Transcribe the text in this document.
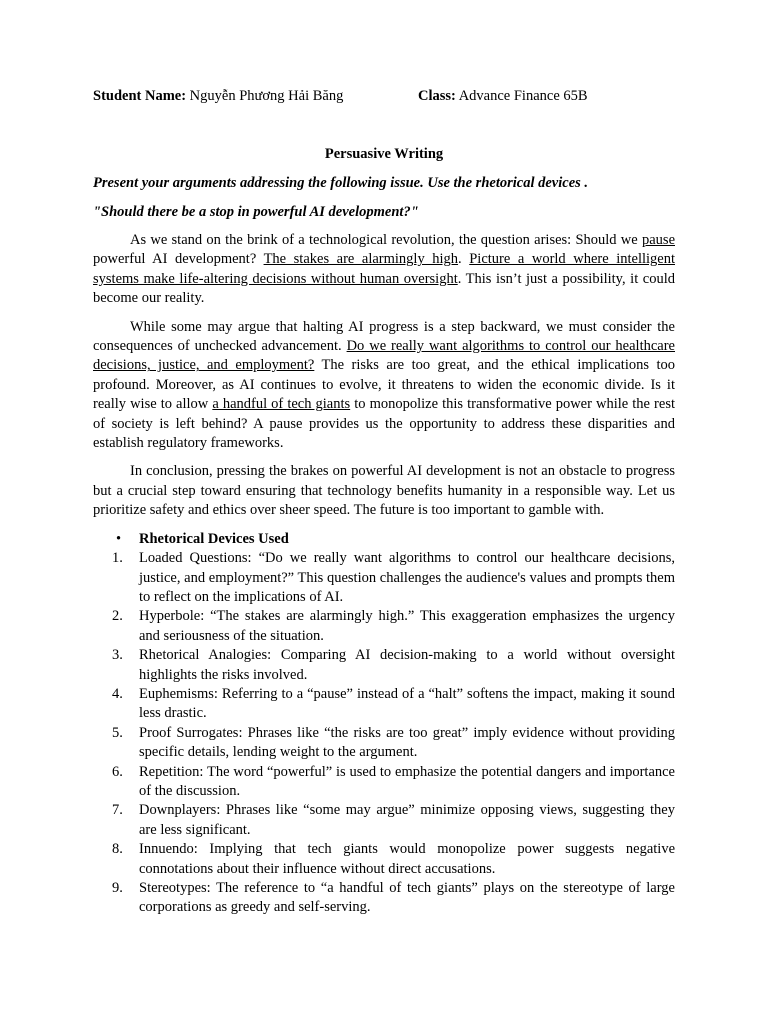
Student Name: Nguyễn Phương Hải Băng	Class: Advance Finance 65B
Persuasive Writing
Present your arguments addressing the following issue. Use the rhetorical devices .
"Should there be a stop in powerful AI development?"

As we stand on the brink of a technological revolution, the question arises: Should we pause powerful AI development? The stakes are alarmingly high. Picture a world where intelligent systems make life-altering decisions without human oversight. This isn’t just a possibility, it could become our reality.

While some may argue that halting AI progress is a step backward, we must consider the consequences of unchecked advancement. Do we really want algorithms to control our healthcare decisions, justice, and employment? The risks are too great, and the ethical implications too profound. Moreover, as AI continues to evolve, it threatens to widen the economic divide. Is it really wise to allow a handful of tech giants to monopolize this transformative power while the rest of society is left behind? A pause provides us the opportunity to address these disparities and establish regulatory frameworks.

In conclusion, pressing the brakes on powerful AI development is not an obstacle to progress but a crucial step toward ensuring that technology benefits humanity in a responsible way. Let us prioritize safety and ethics over sheer speed. The future is too important to gamble with.

• Rhetorical Devices Used
1. Loaded Questions: “Do we really want algorithms to control our healthcare decisions, justice, and employment?” This question challenges the audience's values and prompts them to reflect on the implications of AI.
2. Hyperbole: “The stakes are alarmingly high.” This exaggeration emphasizes the urgency and seriousness of the situation.
3. Rhetorical Analogies: Comparing AI decision-making to a world without oversight highlights the risks involved.
4. Euphemisms: Referring to a “pause” instead of a “halt” softens the impact, making it sound less drastic.
5. Proof Surrogates: Phrases like “the risks are too great” imply evidence without providing specific details, lending weight to the argument.
6. Repetition: The word “powerful” is used to emphasize the potential dangers and importance of the discussion.
7. Downplayers: Phrases like “some may argue” minimize opposing views, suggesting they are less significant.
8. Innuendo: Implying that tech giants would monopolize power suggests negative connotations about their influence without direct accusations.
9. Stereotypes: The reference to “a handful of tech giants” plays on the stereotype of large corporations as greedy and self-serving.
